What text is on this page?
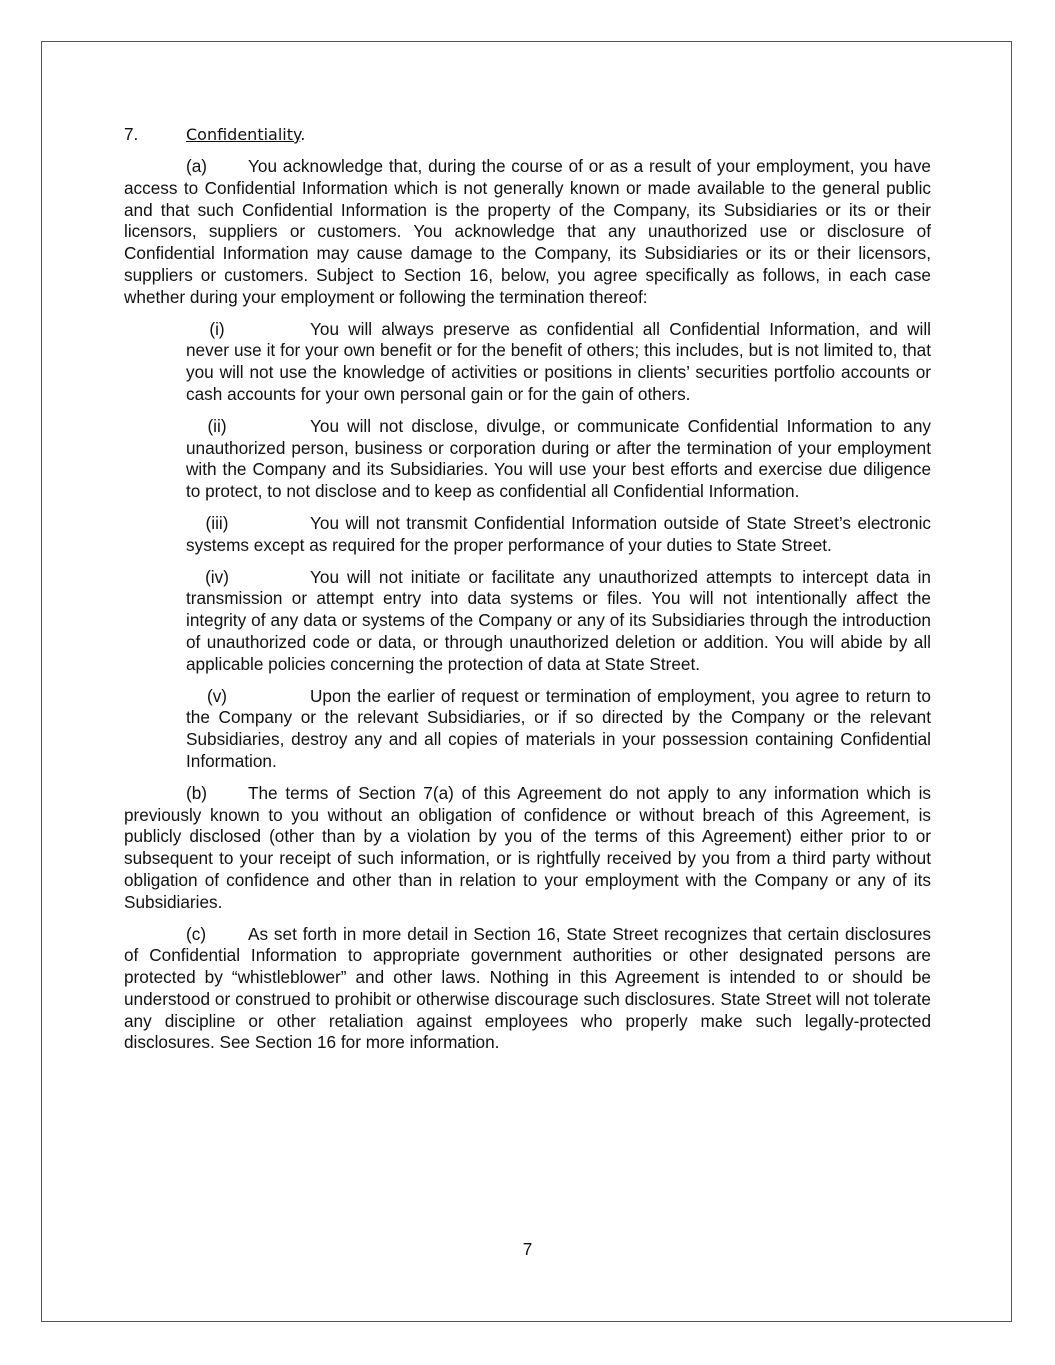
7.	Confidentiality.

(a) You acknowledge that, during the course of or as a result of your employment, you have access to Confidential Information which is not generally known or made available to the general public and that such Confidential Information is the property of the Company, its Subsidiaries or its or their licensors, suppliers or customers. You acknowledge that any unauthorized use or disclosure of Confidential Information may cause damage to the Company, its Subsidiaries or its or their licensors, suppliers or customers. Subject to Section 16, below, you agree specifically as follows, in each case whether during your employment or following the termination thereof:

(i)	You will always preserve as confidential all Confidential Information, and will never use it for your own benefit or for the benefit of others; this includes, but is not limited to, that you will not use the knowledge of activities or positions in clients’ securities portfolio accounts or cash accounts for your own personal gain or for the gain of others.

(ii)	You will not disclose, divulge, or communicate Confidential Information to any unauthorized person, business or corporation during or after the termination of your employment with the Company and its Subsidiaries. You will use your best efforts and exercise due diligence to protect, to not disclose and to keep as confidential all Confidential Information.

(iii)	You will not transmit Confidential Information outside of State Street’s electronic systems except as required for the proper performance of your duties to State Street.

(iv)	You will not initiate or facilitate any unauthorized attempts to intercept data in transmission or attempt entry into data systems or files. You will not intentionally affect the integrity of any data or systems of the Company or any of its Subsidiaries through the introduction of unauthorized code or data, or through unauthorized deletion or addition. You will abide by all applicable policies concerning the protection of data at State Street.

(v)	Upon the earlier of request or termination of employment, you agree to return to the Company or the relevant Subsidiaries, or if so directed by the Company or the relevant Subsidiaries, destroy any and all copies of materials in your possession containing Confidential Information.

(b) The terms of Section 7(a) of this Agreement do not apply to any information which is previously known to you without an obligation of confidence or without breach of this Agreement, is publicly disclosed (other than by a violation by you of the terms of this Agreement) either prior to or subsequent to your receipt of such information, or is rightfully received by you from a third party without obligation of confidence and other than in relation to your employment with the Company or any of its Subsidiaries.

(c) As set forth in more detail in Section 16, State Street recognizes that certain disclosures of Confidential Information to appropriate government authorities or other designated persons are protected by “whistleblower” and other laws. Nothing in this Agreement is intended to or should be understood or construed to prohibit or otherwise discourage such disclosures. State Street will not tolerate any discipline or other retaliation against employees who properly make such legally-protected disclosures. See Section 16 for more information.

7
